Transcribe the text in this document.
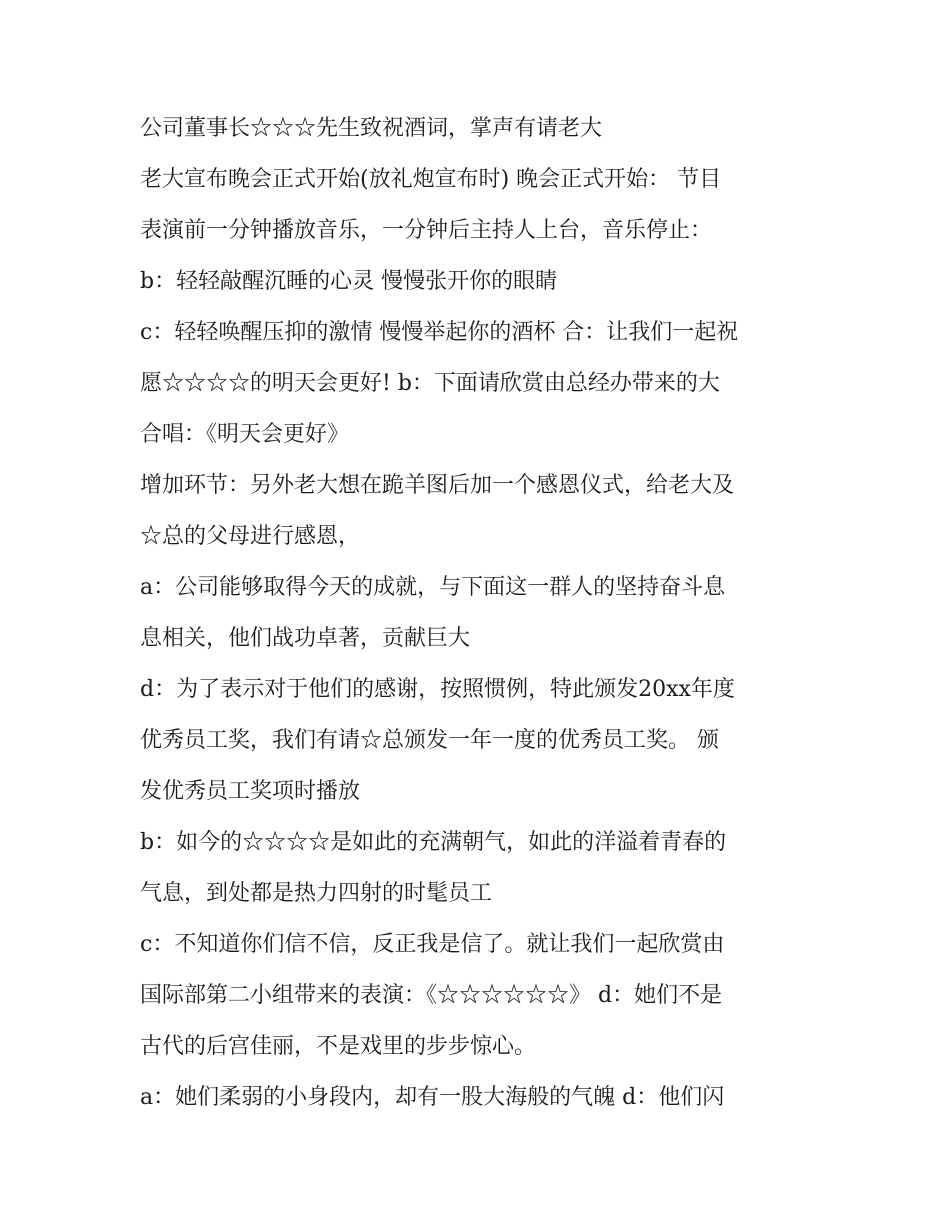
公司董事长☆☆☆先生致祝酒词，掌声有请老大
老大宣布晚会正式开始(放礼炮宣布时) 晚会正式开始： 节目
表演前一分钟播放音乐，一分钟后主持人上台，音乐停止：
b：轻轻敲醒沉睡的心灵 慢慢张开你的眼睛
c：轻轻唤醒压抑的激情 慢慢举起你的酒杯 合：让我们一起祝
愿☆☆☆☆的明天会更好! b：下面请欣赏由总经办带来的大
合唱：《明天会更好》
增加环节：另外老大想在跪羊图后加一个感恩仪式，给老大及
☆总的父母进行感恩，
a：公司能够取得今天的成就，与下面这一群人的坚持奋斗息
息相关，他们战功卓著，贡献巨大
d：为了表示对于他们的感谢，按照惯例，特此颁发20xx年度
优秀员工奖，我们有请☆总颁发一年一度的优秀员工奖。 颁
发优秀员工奖项时播放
b：如今的☆☆☆☆是如此的充满朝气，如此的洋溢着青春的
气息，到处都是热力四射的时髦员工
c：不知道你们信不信，反正我是信了。就让我们一起欣赏由
国际部第二小组带来的表演：《☆☆☆☆☆☆》 d：她们不是
古代的后宫佳丽，不是戏里的步步惊心。
a：她们柔弱的小身段内，却有一股大海般的气魄 d：他们闪
